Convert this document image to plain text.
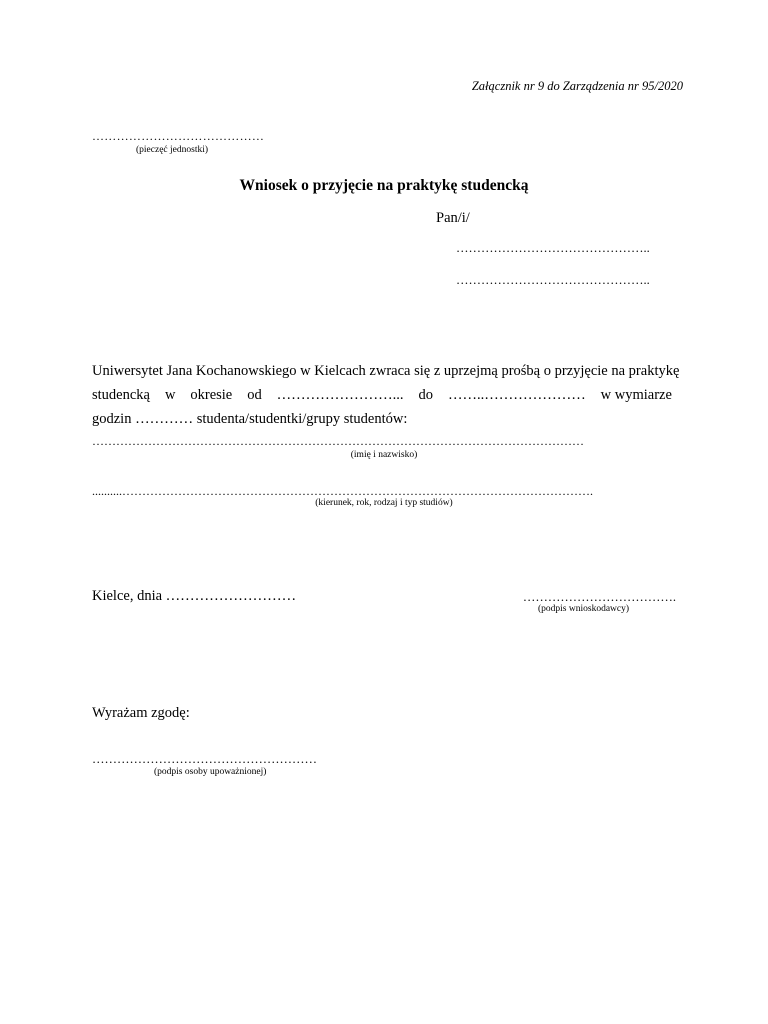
Załącznik nr 9 do Zarządzenia nr 95/2020
……………………………………
(pieczęć jednostki)
Wniosek o przyjęcie na praktykę studencką
Pan/i/
………………………………………..
………………………………………..
Uniwersytet Jana Kochanowskiego w Kielcach zwraca się z uprzejmą prośbą o przyjęcie na praktykę
studencką w okresie od ……………………... do ……..………………… w wymiarze
godzin ………… studenta/studentki/grupy studentów:
……………………………………………………………………………………………………………
(imię i nazwisko)
..........……………………………………………………………………………………………………….
(kierunek, rok, rodzaj i typ studiów)
Kielce, dnia ………………………	……………………………….
(podpis wnioskodawcy)
Wyrażam zgodę:
………………………………………………
(podpis osoby upoważnionej)
